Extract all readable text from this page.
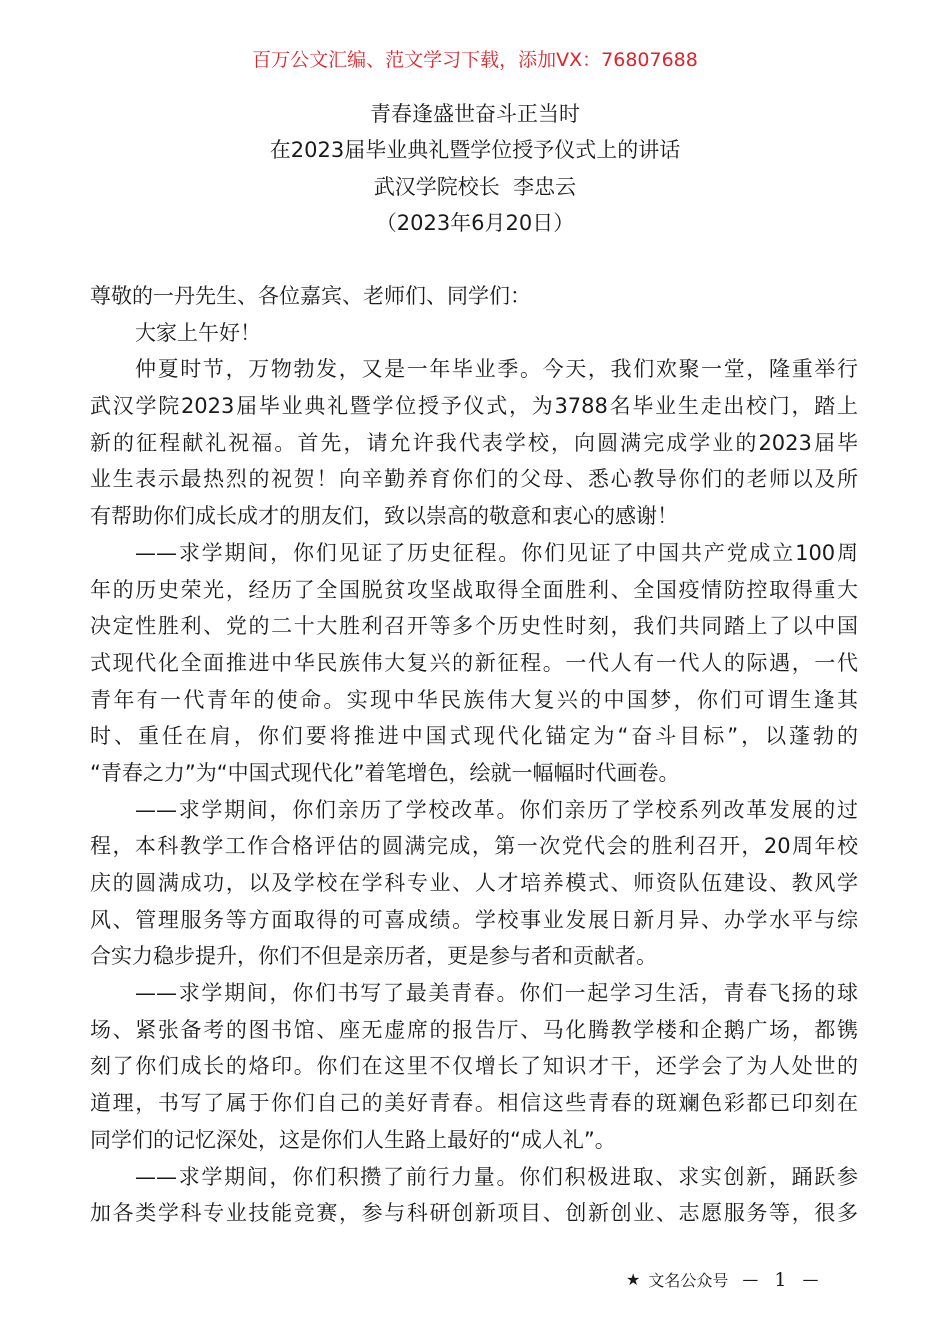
百万公文汇编、范文学习下载，添加VX：76807688
青春逢盛世奋斗正当时
在2023届毕业典礼暨学位授予仪式上的讲话
武汉学院校长  李忠云
（2023年6月20日）
尊敬的一丹先生、各位嘉宾、老师们、同学们：
大家上午好！
仲夏时节，万物勃发，又是一年毕业季。今天，我们欢聚一堂，隆重举行
武汉学院2023届毕业典礼暨学位授予仪式，为3788名毕业生走出校门，踏上
新的征程献礼祝福。首先，请允许我代表学校，向圆满完成学业的2023届毕
业生表示最热烈的祝贺！向辛勤养育你们的父母、悉心教导你们的老师以及所
有帮助你们成长成才的朋友们，致以崇高的敬意和衷心的感谢！
——求学期间，你们见证了历史征程。你们见证了中国共产党成立100周
年的历史荣光，经历了全国脱贫攻坚战取得全面胜利、全国疫情防控取得重大
决定性胜利、党的二十大胜利召开等多个历史性时刻，我们共同踏上了以中国
式现代化全面推进中华民族伟大复兴的新征程。一代人有一代人的际遇，一代
青年有一代青年的使命。实现中华民族伟大复兴的中国梦，你们可谓生逢其
时、重任在肩，你们要将推进中国式现代化锚定为“奋斗目标”，以蓬勃的
“青春之力”为“中国式现代化”着笔增色，绘就一幅幅时代画卷。
——求学期间，你们亲历了学校改革。你们亲历了学校系列改革发展的过
程，本科教学工作合格评估的圆满完成，第一次党代会的胜利召开，20周年校
庆的圆满成功，以及学校在学科专业、人才培养模式、师资队伍建设、教风学
风、管理服务等方面取得的可喜成绩。学校事业发展日新月异、办学水平与综
合实力稳步提升，你们不但是亲历者，更是参与者和贡献者。
——求学期间，你们书写了最美青春。你们一起学习生活，青春飞扬的球
场、紧张备考的图书馆、座无虚席的报告厅、马化腾教学楼和企鹅广场，都镌
刻了你们成长的烙印。你们在这里不仅增长了知识才干，还学会了为人处世的
道理，书写了属于你们自己的美好青春。相信这些青春的斑斓色彩都已印刻在
同学们的记忆深处，这是你们人生路上最好的“成人礼”。
——求学期间，你们积攒了前行力量。你们积极进取、求实创新，踊跃参
加各类学科专业技能竞赛，参与科研创新项目、创新创业、志愿服务等，很多
★ 文名公众号 — 1 —
